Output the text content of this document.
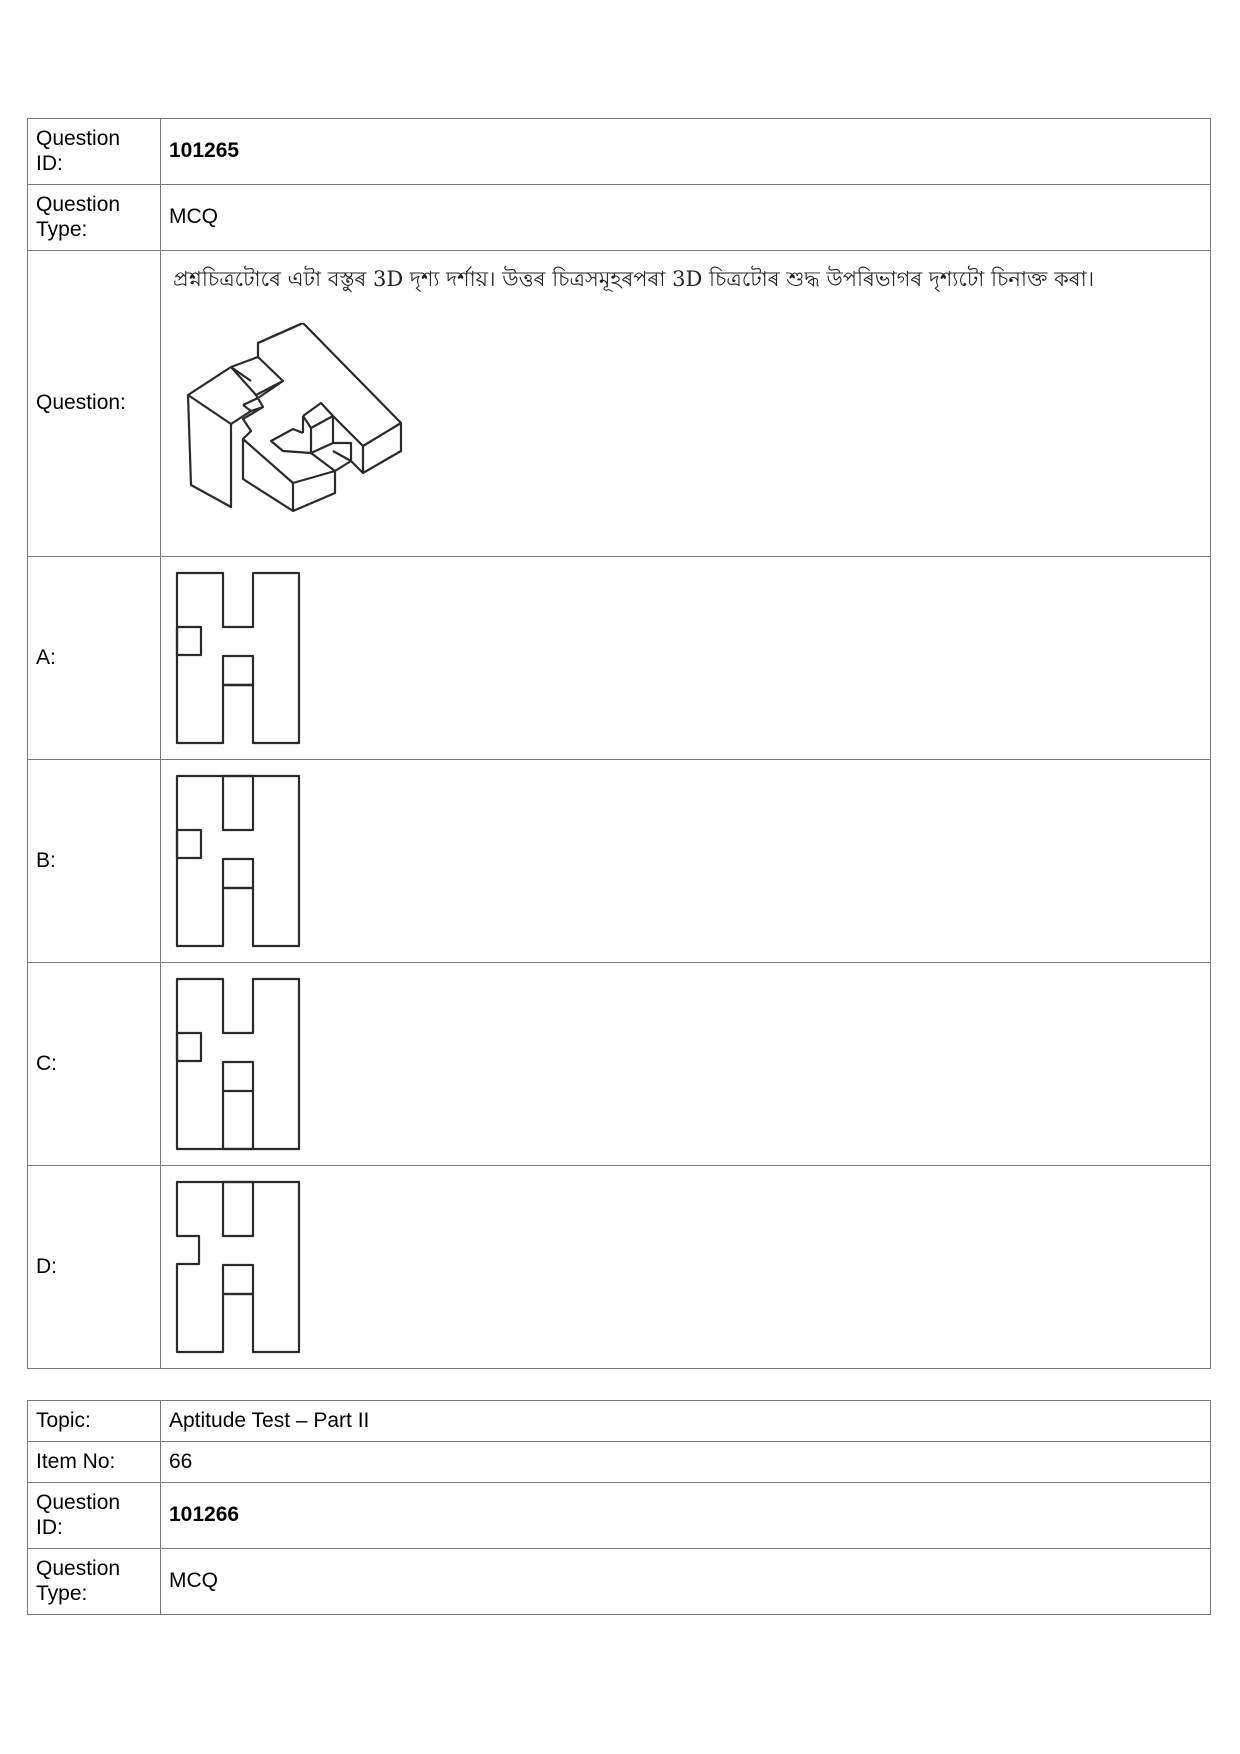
Question ID:	101265
Question Type:	MCQ
Question:	প্ৰশ্নচিত্ৰটোৰে এটা বস্তুৰ 3D দৃশ্য দৰ্শায়। উত্তৰ চিত্ৰসমূহৰপৰা 3D চিত্ৰটোৰ শুদ্ধ উপৰিভাগৰ দৃশ্যটো চিনাক্ত কৰা।

A:	

B:	

C:	

D:	
Topic:	Aptitude Test – Part II
Item No:	66
Question ID:	101266
Question Type:	MCQ
